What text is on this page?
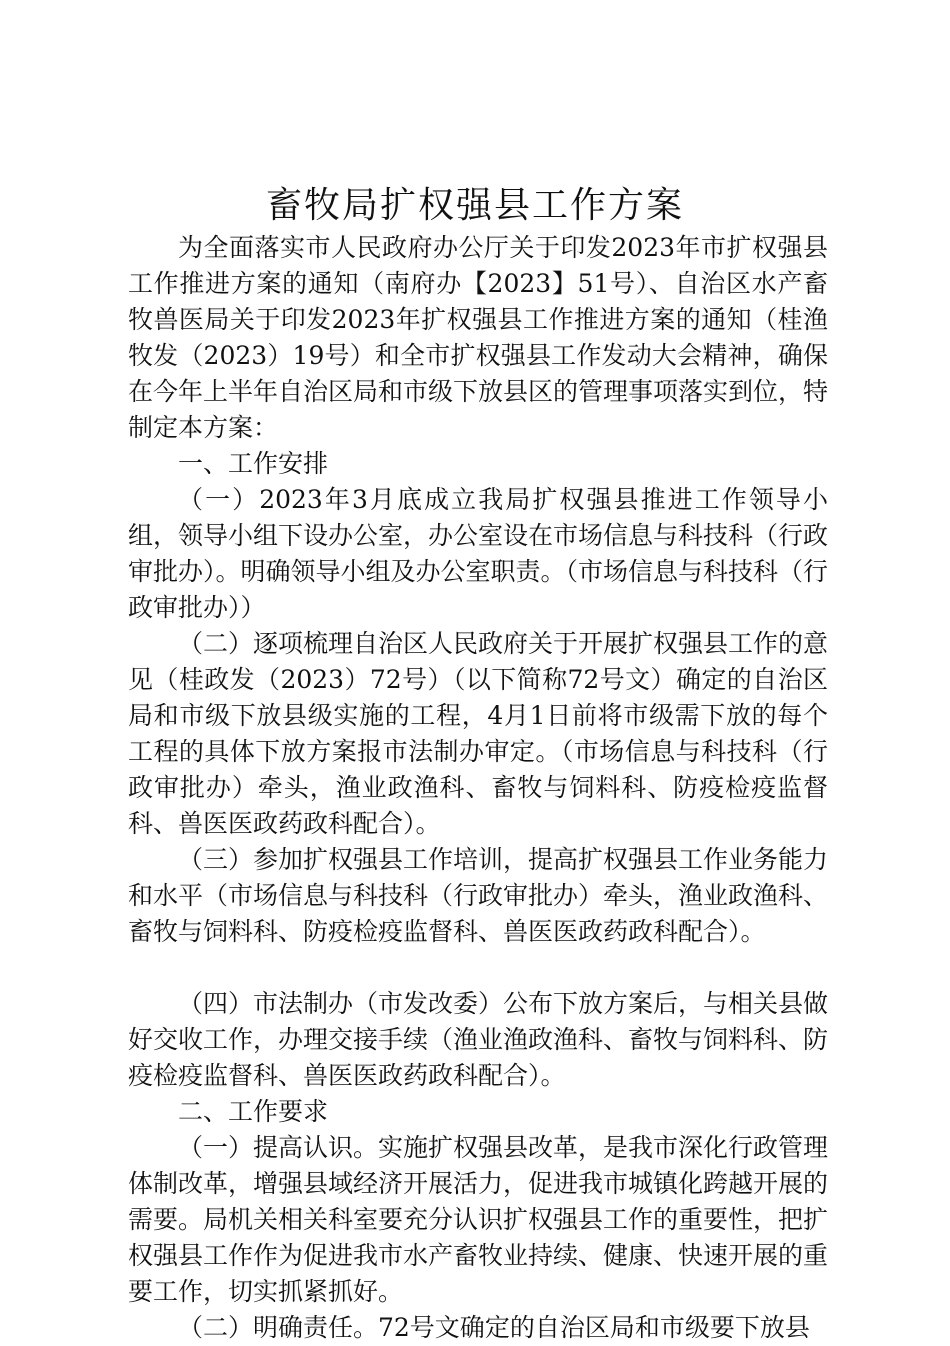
畜牧局扩权强县工作方案

为全面落实市人民政府办公厅关于印发2023年市扩权强县工作推进方案的通知（南府办【2023】51号）、自治区水产畜牧兽医局关于印发2023年扩权强县工作推进方案的通知（桂渔牧发（2023）19号）和全市扩权强县工作发动大会精神，确保在今年上半年自治区局和市级下放县区的管理事项落实到位，特制定本方案：

一、工作安排

（一）2023年3月底成立我局扩权强县推进工作领导小组，领导小组下设办公室，办公室设在市场信息与科技科（行政审批办）。明确领导小组及办公室职责。（市场信息与科技科（行政审批办））

（二）逐项梳理自治区人民政府关于开展扩权强县工作的意见（桂政发（2023）72号）（以下简称72号文）确定的自治区局和市级下放县级实施的工程，4月1日前将市级需下放的每个工程的具体下放方案报市法制办审定。（市场信息与科技科（行政审批办）牵头，渔业政渔科、畜牧与饲料科、防疫检疫监督科、兽医医政药政科配合）。

（三）参加扩权强县工作培训，提高扩权强县工作业务能力和水平（市场信息与科技科（行政审批办）牵头，渔业政渔科、畜牧与饲料科、防疫检疫监督科、兽医医政药政科配合）。

（四）市法制办（市发改委）公布下放方案后，与相关县做好交收工作，办理交接手续（渔业渔政渔科、畜牧与饲料科、防疫检疫监督科、兽医医政药政科配合）。

二、工作要求

（一）提高认识。实施扩权强县改革，是我市深化行政管理体制改革，增强县域经济开展活力，促进我市城镇化跨越开展的需要。局机关相关科室要充分认识扩权强县工作的重要性，把扩权强县工作作为促进我市水产畜牧业持续、健康、快速开展的重要工作，切实抓紧抓好。

（二）明确责任。72号文确定的自治区局和市级要下放县
